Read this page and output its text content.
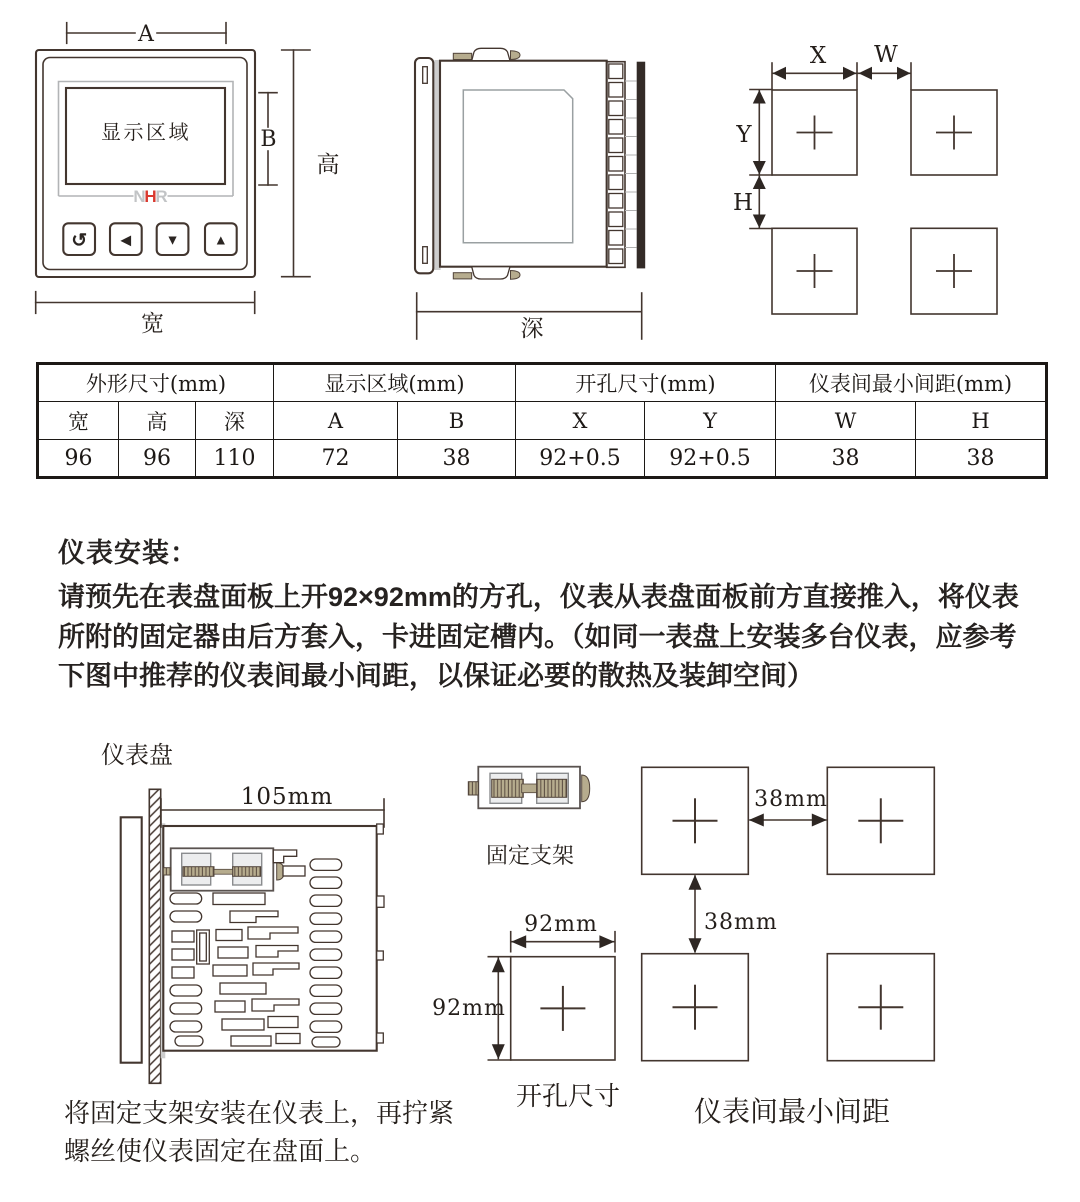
显示区域
N
H
R
↺ ◀ ▼ ▲
A
B
高
宽	深
X W
Y
H
外形尺寸(mm)			显示区域(mm)		开孔尺寸(mm)		仪表间最小间距(mm)	
宽	高	深	A	B	X	Y	W	H
96	96	110	72	38	92+0.5	92+0.5	38	38
仪表安装：
请预先在表盘面板上开92×92mm的方孔，仪表从表盘面板前方直接推入，将仪表
所附的固定器由后方套入，卡进固定槽内。（如同一表盘上安装多台仪表，应参考
下图中推荐的仪表间最小间距，以保证必要的散热及装卸空间）
仪表盘
105mm
将固定支架安装在仪表上，再拧紧
螺丝使仪表固定在盘面上。
固定支架
92mm
92mm
开孔尺寸
38mm
38mm
仪表间最小间距
